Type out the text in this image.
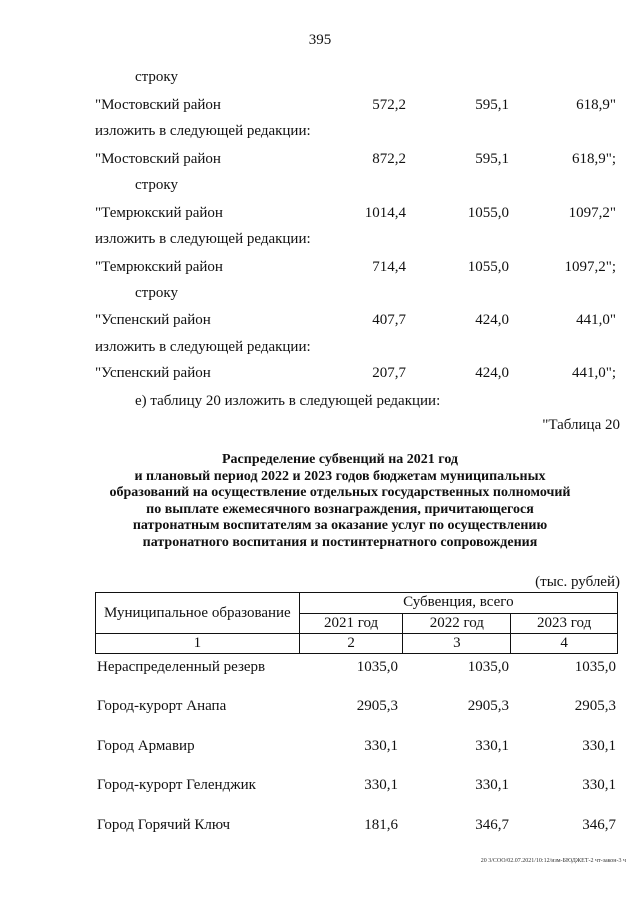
395
строку
"Мостовский район	572,2	595,1	618,9"
изложить в следующей редакции:
"Мостовский район	872,2	595,1	618,9";
строку
"Темрюкский район	1014,4	1055,0	1097,2"
изложить в следующей редакции:
"Темрюкский район	714,4	1055,0	1097,2";
строку
"Успенский район	407,7	424,0	441,0"
изложить в следующей редакции:
"Успенский район	207,7	424,0	441,0";
е) таблицу 20 изложить в следующей редакции:
"Таблица 20
Распределение субвенций на 2021 год
и плановый период 2022 и 2023 годов бюджетам муниципальных
образований на осуществление отдельных государственных полномочий
по выплате ежемесячного вознаграждения, причитающегося
патронатным воспитателям за оказание услуг по осуществлению
патронатного воспитания и постинтернатного сопровождения
(тыс. рублей)
Муниципальное образование	Субвенция, всего		
	2021 год	2022 год	2023 год
1	2	3	4
Нераспределенный резерв	1035,0	1035,0	1035,0
Город-курорт Анапа	2905,3	2905,3	2905,3
Город Армавир	330,1	330,1	330,1
Город-курорт Геленджик	330,1	330,1	330,1
Город Горячий Ключ	181,6	346,7	346,7
20 3/СОО/02.07.2021/10:12/изм-БЮДЖЕТ-2 чт-закон-3 ч
